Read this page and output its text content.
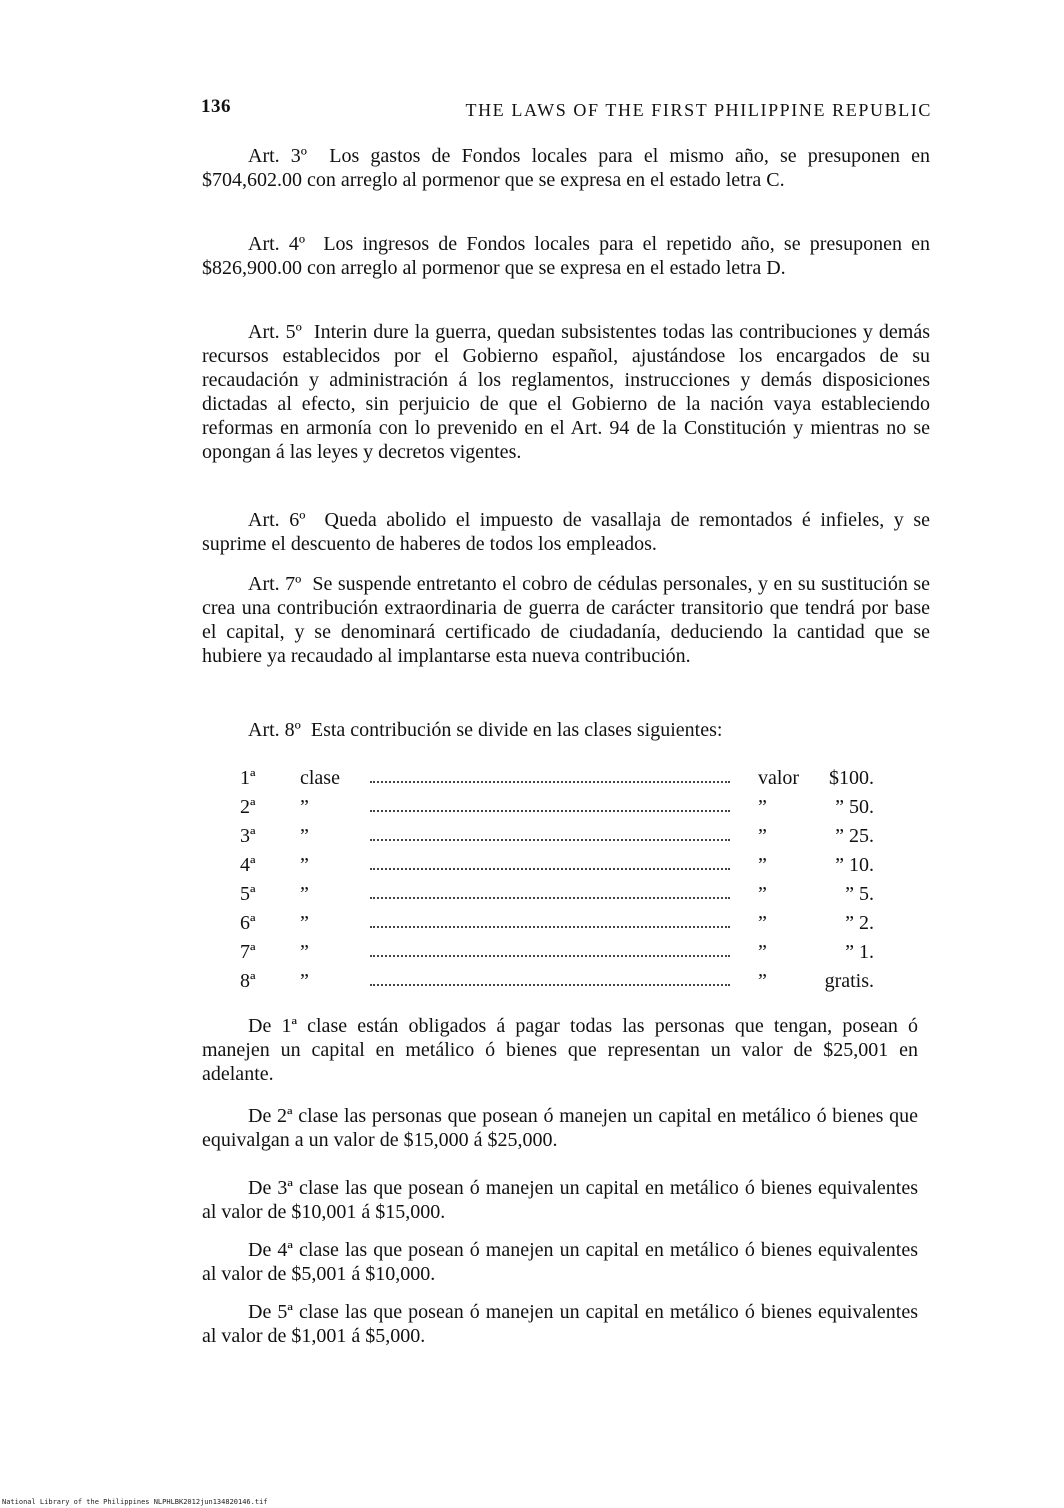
136	THE LAWS OF THE FIRST PHILIPPINE REPUBLIC
Art. 3º Los gastos de Fondos locales para el mismo año, se presuponen en $704,602.00 con arreglo al pormenor que se expresa en el estado letra C.
Art. 4º Los ingresos de Fondos locales para el repetido año, se presuponen en $826,900.00 con arreglo al pormenor que se expresa en el estado letra D.
Art. 5º Interin dure la guerra, quedan subsistentes todas las contribuciones y demás recursos establecidos por el Gobierno español, ajustándose los encargados de su recaudación y administración á los reglamentos, instrucciones y demás disposiciones dictadas al efecto, sin perjuicio de que el Gobierno de la nación vaya estableciendo reformas en armonía con lo prevenido en el Art. 94 de la Constitución y mientras no se opongan á las leyes y decretos vigentes.
Art. 6º Queda abolido el impuesto de vasallaja de remontados é infieles, y se suprime el descuento de haberes de todos los empleados.
Art. 7º Se suspende entretanto el cobro de cédulas personales, y en su sustitución se crea una contribución extraordinaria de guerra de carácter transitorio que tendrá por base el capital, y se denominará certificado de ciudadanía, deduciendo la cantidad que se hubiere ya recaudado al implantarse esta nueva contribución.
Art. 8º Esta contribución se divide en las clases siguientes:
1ª	clase	valor	$100.
2ª	”	”	” 50.
3ª	”	”	” 25.
4ª	”	”	” 10.
5ª	”	”	” 5.
6ª	”	”	” 2.
7ª	”	”	” 1.
8ª	”	”	gratis.
De 1ª clase están obligados á pagar todas las personas que tengan, posean ó manejen un capital en metálico ó bienes que representan un valor de $25,001 en adelante.
De 2ª clase las personas que posean ó manejen un capital en metálico ó bienes que equivalgan a un valor de $15,000 á $25,000.
De 3ª clase las que posean ó manejen un capital en metálico ó bienes equivalentes al valor de $10,001 á $15,000.
De 4ª clase las que posean ó manejen un capital en metálico ó bienes equivalentes al valor de $5,001 á $10,000.
De 5ª clase las que posean ó manejen un capital en metálico ó bienes equivalentes al valor de $1,001 á $5,000.
National Library of the Philippines NLPHLBK2012jun134820146.tif
